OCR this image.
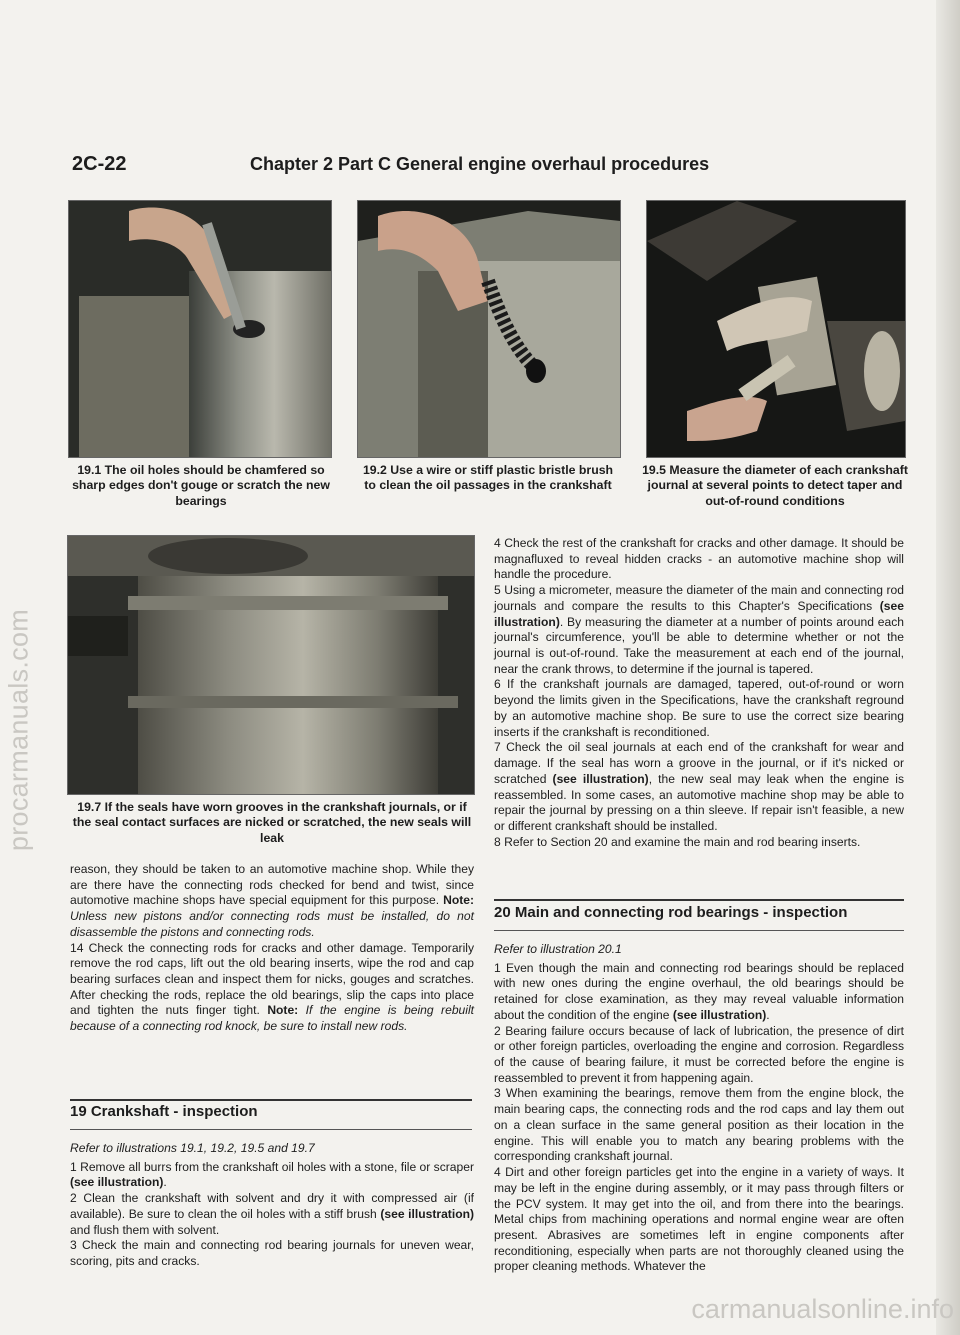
procarmanuals.com
carmanualsonline.info
2C-22	Chapter 2 Part C General engine overhaul procedures
19.1 The oil holes should be chamfered so sharp edges don't gouge or scratch the new bearings
19.2 Use a wire or stiff plastic bristle brush to clean the oil passages in the crankshaft
19.5 Measure the diameter of each crankshaft journal at several points to detect taper and out-of-round conditions
19.7 If the seals have worn grooves in the crankshaft journals, or if the seal contact surfaces are nicked or scratched, the new seals will leak

reason, they should be taken to an automotive machine shop. While they are there have the connecting rods checked for bend and twist, since automotive machine shops have special equipment for this purpose. Note: Unless new pistons and/or connecting rods must be installed, do not disassemble the pistons and connecting rods.

14 Check the connecting rods for cracks and other damage. Temporarily remove the rod caps, lift out the old bearing inserts, wipe the rod and cap bearing surfaces clean and inspect them for nicks, gouges and scratches. After checking the rods, replace the old bearings, slip the caps into place and tighten the nuts finger tight. Note: If the engine is being rebuilt because of a connecting rod knock, be sure to install new rods.

19 Crankshaft - inspection

Refer to illustrations 19.1, 19.2, 19.5 and 19.7

1 Remove all burrs from the crankshaft oil holes with a stone, file or scraper (see illustration).

2 Clean the crankshaft with solvent and dry it with compressed air (if available). Be sure to clean the oil holes with a stiff brush (see illustration) and flush them with solvent.

3 Check the main and connecting rod bearing journals for uneven wear, scoring, pits and cracks.

4 Check the rest of the crankshaft for cracks and other damage. It should be magnafluxed to reveal hidden cracks - an automotive machine shop will handle the procedure.

5 Using a micrometer, measure the diameter of the main and connecting rod journals and compare the results to this Chapter's Specifications (see illustration). By measuring the diameter at a number of points around each journal's circumference, you'll be able to determine whether or not the journal is out-of-round. Take the measurement at each end of the journal, near the crank throws, to determine if the journal is tapered.

6 If the crankshaft journals are damaged, tapered, out-of-round or worn beyond the limits given in the Specifications, have the crankshaft reground by an automotive machine shop. Be sure to use the correct size bearing inserts if the crankshaft is reconditioned.

7 Check the oil seal journals at each end of the crankshaft for wear and damage. If the seal has worn a groove in the journal, or if it's nicked or scratched (see illustration), the new seal may leak when the engine is reassembled. In some cases, an automotive machine shop may be able to repair the journal by pressing on a thin sleeve. If repair isn't feasible, a new or different crankshaft should be installed.

8 Refer to Section 20 and examine the main and rod bearing inserts.

20 Main and connecting rod bearings - inspection

Refer to illustration 20.1

1 Even though the main and connecting rod bearings should be replaced with new ones during the engine overhaul, the old bearings should be retained for close examination, as they may reveal valuable information about the condition of the engine (see illustration).

2 Bearing failure occurs because of lack of lubrication, the presence of dirt or other foreign particles, overloading the engine and corrosion. Regardless of the cause of bearing failure, it must be corrected before the engine is reassembled to prevent it from happening again.

3 When examining the bearings, remove them from the engine block, the main bearing caps, the connecting rods and the rod caps and lay them out on a clean surface in the same general position as their location in the engine. This will enable you to match any bearing problems with the corresponding crankshaft journal.

4 Dirt and other foreign particles get into the engine in a variety of ways. It may be left in the engine during assembly, or it may pass through filters or the PCV system. It may get into the oil, and from there into the bearings. Metal chips from machining operations and normal engine wear are often present. Abrasives are sometimes left in engine components after reconditioning, especially when parts are not thoroughly cleaned using the proper cleaning methods. Whatever the
